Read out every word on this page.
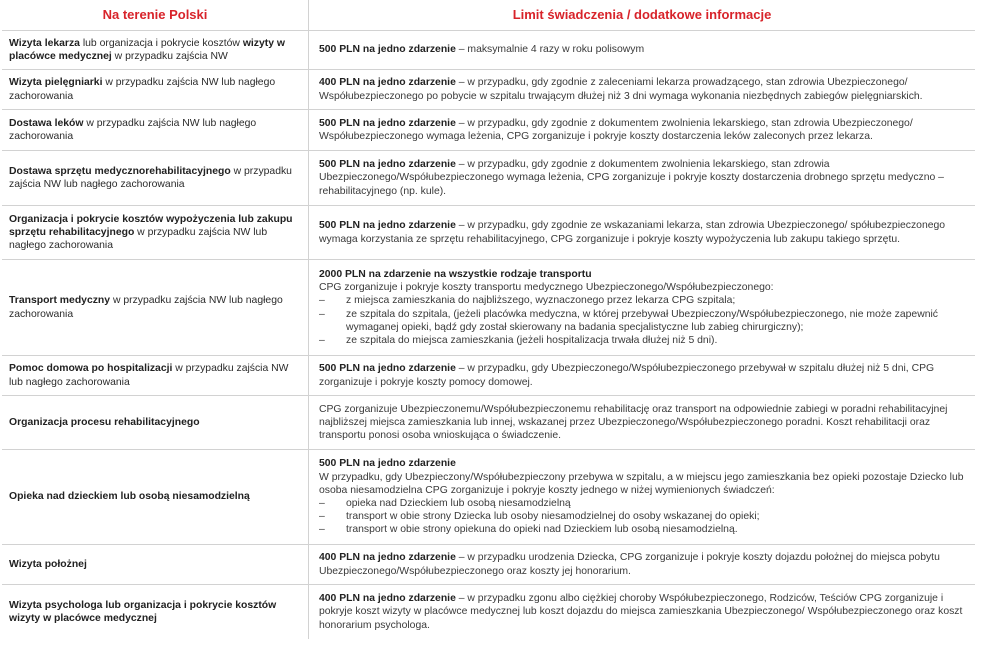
Na terenie Polski	Limit świadczenia / dodatkowe informacje
Wizyta lekarza lub organizacja i pokrycie kosztów wizyty w placówce medycznej w przypadku zajścia NW
500 PLN na jedno zdarzenie – maksymalnie 4 razy w roku polisowym
Wizyta pielęgniarki w przypadku zajścia NW lub nagłego zachorowania
400 PLN na jedno zdarzenie – w przypadku, gdy zgodnie z zaleceniami lekarza prowadzącego, stan zdrowia Ubezpieczonego/ Współubezpieczonego po pobycie w szpitalu trwającym dłużej niż 3 dni wymaga wykonania niezbędnych zabiegów pielęgniarskich.
Dostawa leków w przypadku zajścia NW lub nagłego zachorowania
500 PLN na jedno zdarzenie – w przypadku, gdy zgodnie z dokumentem zwolnienia lekarskiego, stan zdrowia Ubezpieczonego/ Współubezpieczonego wymaga leżenia, CPG zorganizuje i pokryje koszty dostarczenia leków zaleconych przez lekarza.
Dostawa sprzętu medycznorehabilitacyjnego w przypadku zajścia NW lub nagłego zachorowania
500 PLN na jedno zdarzenie – w przypadku, gdy zgodnie z dokumentem zwolnienia lekarskiego, stan zdrowia Ubezpieczonego/Współubezpieczonego wymaga leżenia, CPG zorganizuje i pokryje koszty dostarczenia drobnego sprzętu medyczno – rehabilitacyjnego (np. kule).
Organizacja i pokrycie kosztów wypożyczenia lub zakupu sprzętu rehabilitacyjnego w przypadku zajścia NW lub nagłego zachorowania
500 PLN na jedno zdarzenie – w przypadku, gdy zgodnie ze wskazaniami lekarza, stan zdrowia Ubezpieczonego/ spółubezpieczonego wymaga korzystania ze sprzętu rehabilitacyjnego, CPG zorganizuje i pokryje koszty wypożyczenia lub zakupu takiego sprzętu.
Transport medyczny w przypadku zajścia NW lub nagłego zachorowania
2000 PLN na zdarzenie na wszystkie rodzaje transportu
CPG zorganizuje i pokryje koszty transportu medycznego Ubezpieczonego/Współubezpieczonego:
– z miejsca zamieszkania do najbliższego, wyznaczonego przez lekarza CPG szpitala;
– ze szpitala do szpitala, (jeżeli placówka medyczna, w której przebywał Ubezpieczony/Współubezpieczonego, nie może zapewnić wymaganej opieki, bądź gdy został skierowany na badania specjalistyczne lub zabieg chirurgiczny);
– ze szpitala do miejsca zamieszkania (jeżeli hospitalizacja trwała dłużej niż 5 dni).
Pomoc domowa po hospitalizacji w przypadku zajścia NW lub nagłego zachorowania
500 PLN na jedno zdarzenie – w przypadku, gdy Ubezpieczonego/Współubezpieczonego przebywał w szpitalu dłużej niż 5 dni, CPG zorganizuje i pokryje koszty pomocy domowej.
Organizacja procesu rehabilitacyjnego
CPG zorganizuje Ubezpieczonemu/Współubezpieczonemu rehabilitację oraz transport na odpowiednie zabiegi w poradni rehabilitacyjnej najbliższej miejsca zamieszkania lub innej, wskazanej przez Ubezpieczonego/Współubezpieczonego poradni. Koszt rehabilitacji oraz transportu ponosi osoba wnioskująca o świadczenie.
Opieka nad dzieckiem lub osobą niesamodzielną
500 PLN na jedno zdarzenie
W przypadku, gdy Ubezpieczony/Współubezpieczony przebywa w szpitalu, a w miejscu jego zamieszkania bez opieki pozostaje Dziecko lub osoba niesamodzielna CPG zorganizuje i pokryje koszty jednego w niżej wymienionych świadczeń:
– opieka nad Dzieckiem lub osobą niesamodzielną
– transport w obie strony Dziecka lub osoby niesamodzielnej do osoby wskazanej do opieki;
– transport w obie strony opiekuna do opieki nad Dzieckiem lub osobą niesamodzielną.
Wizyta położnej
400 PLN na jedno zdarzenie – w przypadku urodzenia Dziecka, CPG zorganizuje i pokryje koszty dojazdu położnej do miejsca pobytu Ubezpieczonego/Współubezpieczonego oraz koszty jej honorarium.
Wizyta psychologa lub organizacja i pokrycie kosztów wizyty w placówce medycznej
400 PLN na jedno zdarzenie – w przypadku zgonu albo ciężkiej choroby Współubezpieczonego, Rodziców, Teściów CPG zorganizuje i pokryje koszt wizyty w placówce medycznej lub koszt dojazdu do miejsca zamieszkania Ubezpieczonego/ Współubezpieczonego oraz koszt honorarium psychologa.
